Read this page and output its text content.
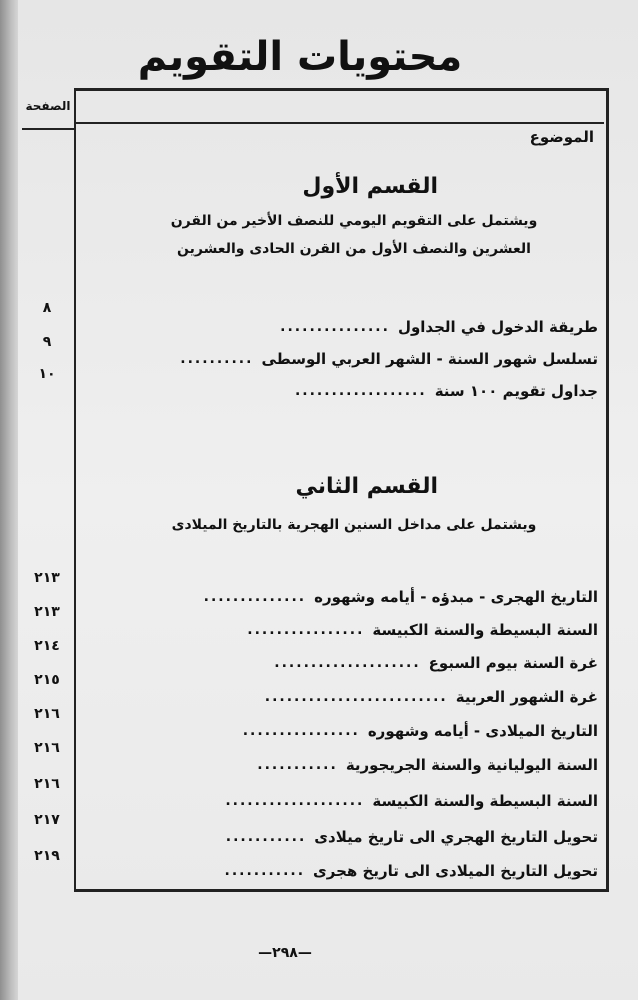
محتويات التقويم
الصفحة
الموضوع
القسم الأول
ويشتمل على التقويم اليومي للنصف الأخير من القرن
العشرين والنصف الأول من القرن الحادى والعشرين
طريقة الدخول في الجداول
...............
٨
تسلسل شهور السنة - الشهر العربي الوسطى
..........
٩
جداول تقويم ١٠٠ سنة
..................
١٠
القسم الثاني
ويشتمل على مداخل السنين الهجرية بالتاريخ الميلادى
التاريخ الهجرى - مبدؤه - أيامه وشهوره
..............
٢١٣
السنة البسيطة والسنة الكبيسة
................
٢١٣
غرة السنة بيوم السبوع
....................
٢١٤
غرة الشهور العربية
.........................
٢١٥
التاريخ الميلادى - أيامه وشهوره
................
٢١٦
السنة اليوليانية والسنة الجريجورية
...........
٢١٦
السنة البسيطة والسنة الكبيسة
...................
٢١٦
تحويل التاريخ الهجري الى تاريخ ميلادى
...........
٢١٧
تحويل التاريخ الميلادى الى تاريخ هجرى
...........
٢١٩
—٢٩٨—
